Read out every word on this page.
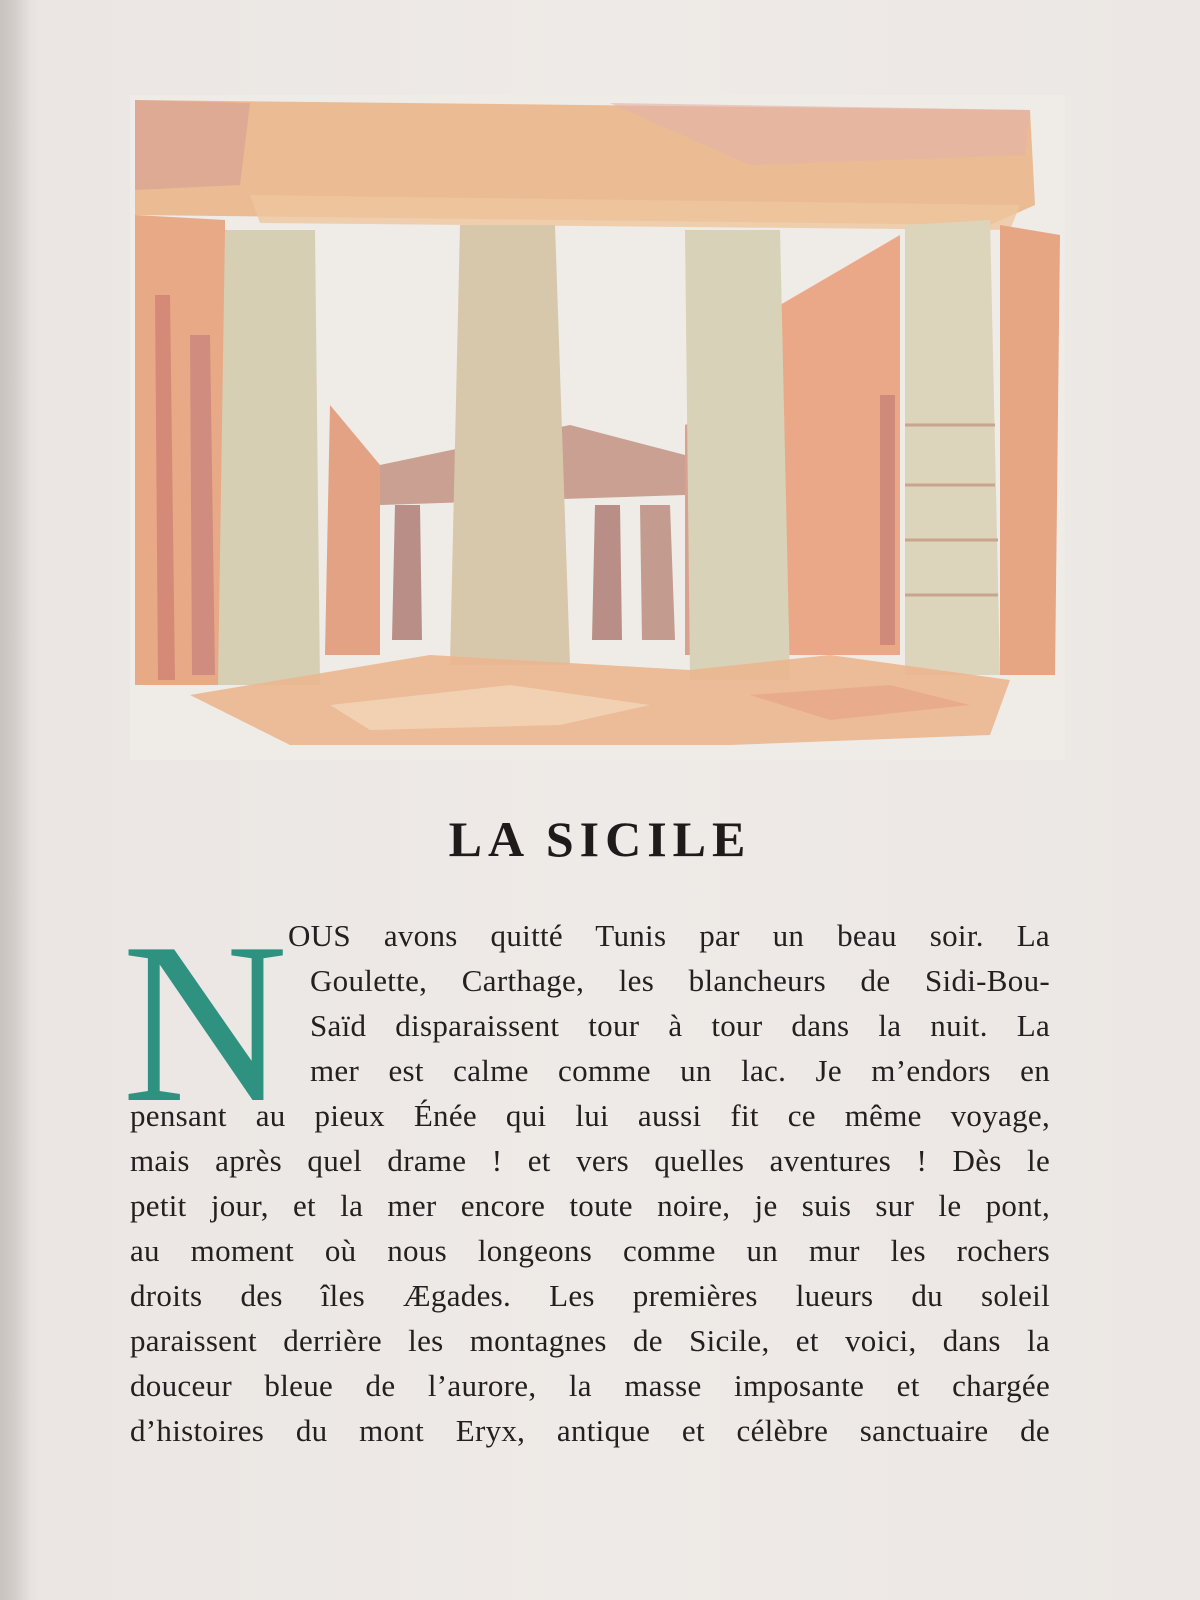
LA SICILE
N OUS avons quitté Tunis par un beau soir. La
Goulette, Carthage, les blancheurs de Sidi-Bou-
Saïd disparaissent tour à tour dans la nuit. La
mer est calme comme un lac. Je m’endors en
pensant au pieux Énée qui lui aussi fit ce même voyage,
mais après quel drame ! et vers quelles aventures ! Dès le
petit jour, et la mer encore toute noire, je suis sur le pont,
au moment où nous longeons comme un mur les rochers
droits des îles Ægades. Les premières lueurs du soleil
paraissent derrière les montagnes de Sicile, et voici, dans la
douceur bleue de l’aurore, la masse imposante et chargée
d’histoires du mont Eryx, antique et célèbre sanctuaire de
